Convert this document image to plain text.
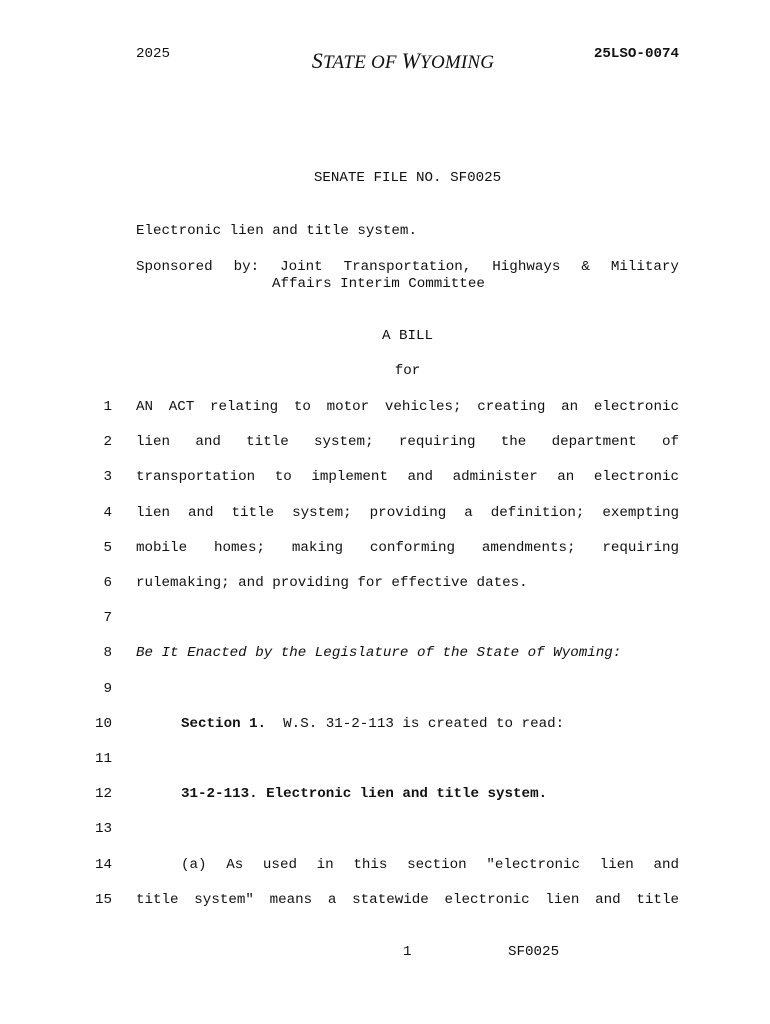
2025	STATE OF WYOMING	25LSO-0074
SENATE FILE NO. SF0025
Electronic lien and title system.
Sponsored by: Joint Transportation, Highways & Military
Affairs Interim Committee
A BILL
for
1 AN ACT relating to motor vehicles; creating an electronic
2 lien and title system; requiring the department of
3 transportation to implement and administer an electronic
4 lien and title system; providing a definition; exempting
5 mobile homes; making conforming amendments; requiring
6 rulemaking; and providing for effective dates.
7
8 Be It Enacted by the Legislature of the State of Wyoming:
9
10	Section 1.  W.S. 31-2-113 is created to read:
11
12	31-2-113. Electronic lien and title system.
13
14	(a) As used in this section "electronic lien and
15 title system" means a statewide electronic lien and title
1	SF0025
